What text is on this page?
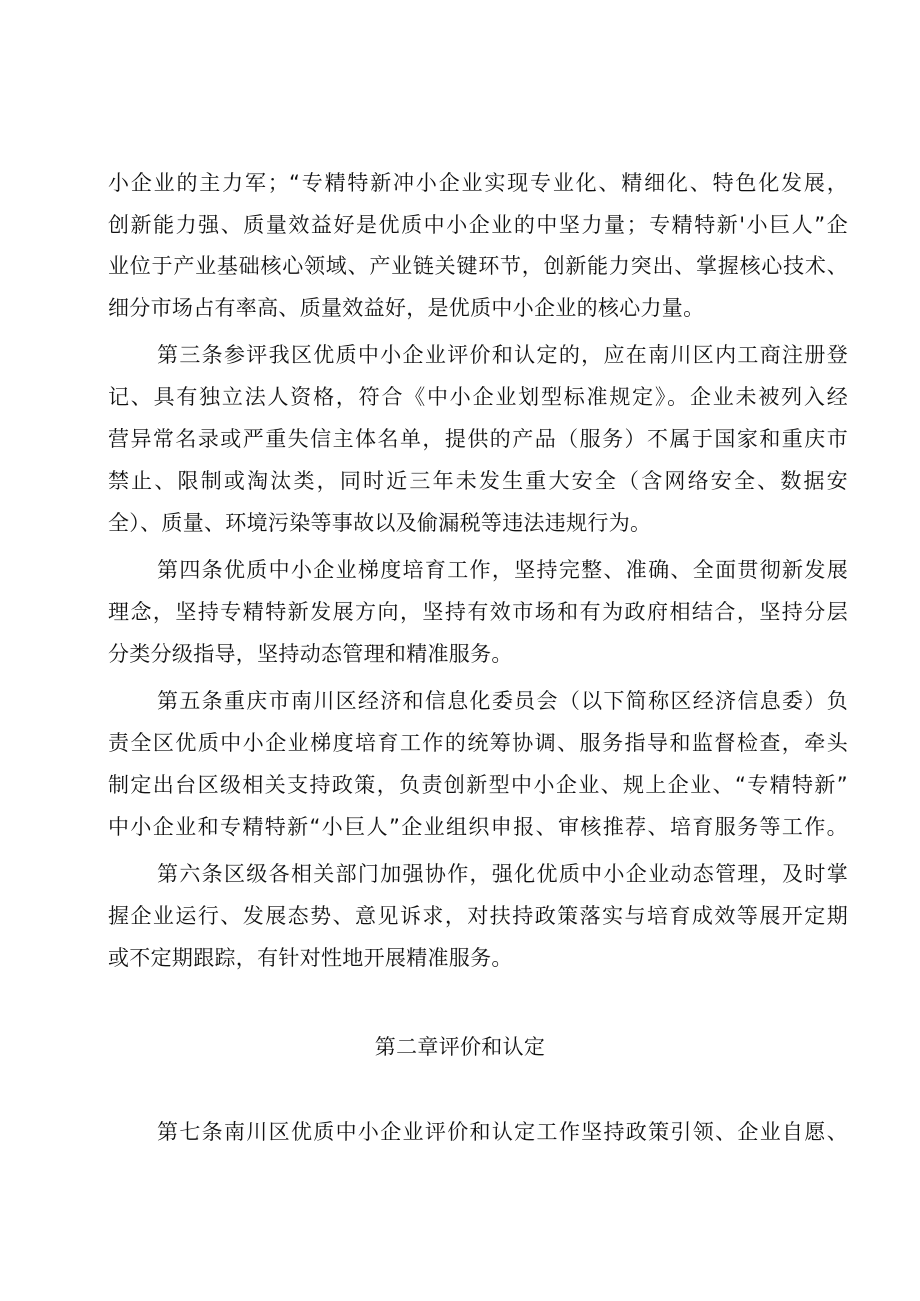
小企业的主力军；“专精特新冲小企业实现专业化、精细化、特色化发展，
创新能力强、质量效益好是优质中小企业的中坚力量；专精特新'小巨人”企
业位于产业基础核心领域、产业链关键环节，创新能力突出、掌握核心技术、
细分市场占有率高、质量效益好，是优质中小企业的核心力量。
第三条参评我区优质中小企业评价和认定的，应在南川区内工商注册登
记、具有独立法人资格，符合《中小企业划型标准规定》。企业未被列入经
营异常名录或严重失信主体名单，提供的产品（服务）不属于国家和重庆市
禁止、限制或淘汰类，同时近三年未发生重大安全（含网络安全、数据安
全）、质量、环境污染等事故以及偷漏税等违法违规行为。
第四条优质中小企业梯度培育工作，坚持完整、准确、全面贯彻新发展
理念，坚持专精特新发展方向，坚持有效市场和有为政府相结合，坚持分层
分类分级指导，坚持动态管理和精准服务。
第五条重庆市南川区经济和信息化委员会（以下简称区经济信息委）负
责全区优质中小企业梯度培育工作的统筹协调、服务指导和监督检查，牵头
制定出台区级相关支持政策，负责创新型中小企业、规上企业、“专精特新”
中小企业和专精特新“小巨人”企业组织申报、审核推荐、培育服务等工作。
第六条区级各相关部门加强协作，强化优质中小企业动态管理，及时掌
握企业运行、发展态势、意见诉求，对扶持政策落实与培育成效等展开定期
或不定期跟踪，有针对性地开展精准服务。
第二章评价和认定
第七条南川区优质中小企业评价和认定工作坚持政策引领、企业自愿、
